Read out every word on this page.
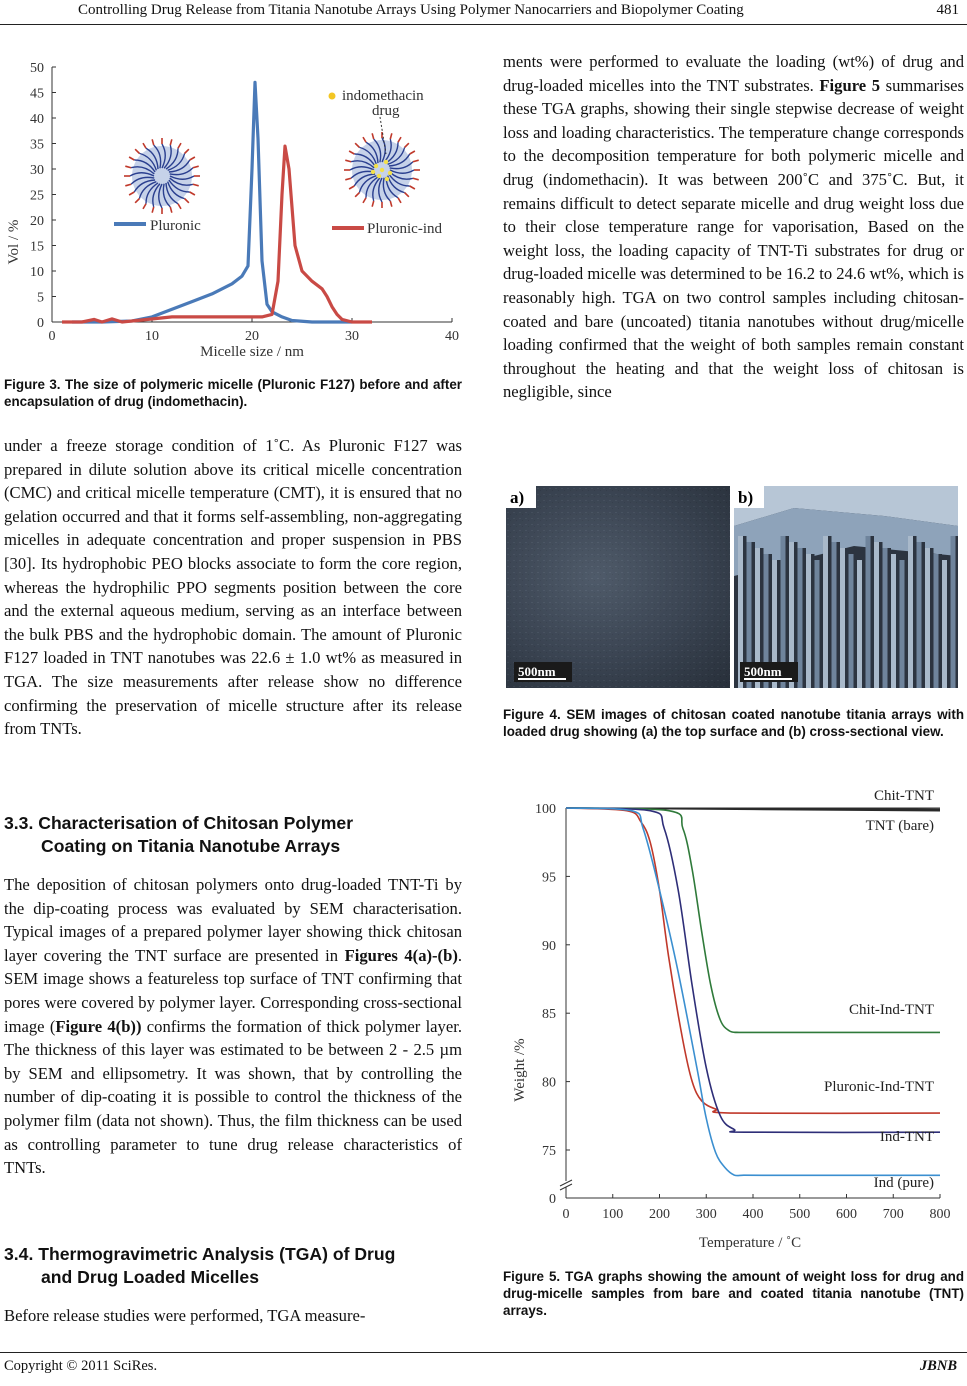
Controlling Drug Release from Titania Nanotube Arrays Using Polymer Nanocarriers and Biopolymer Coating	481
0
5
10
15
20
25
30
35
40
45
50
0	10	20	30	40
indomethacin
drug
Pluronic	Pluronic-ind
Micelle size / nm
Vol / %
Figure 3. The size of polymeric micelle (Pluronic F127) before and after encapsulation of drug (indomethacin).

under a freeze storage condition of 1˚C. As Pluronic F127 was prepared in dilute solution above its critical micelle concentration (CMC) and critical micelle temperature (CMT), it is ensured that no gelation occurred and that it forms self-assembling, non-aggregating micelles in adequate concentration and proper suspension in PBS [30]. Its hydrophobic PEO blocks associate to form the core region, whereas the hydrophilic PPO segments position between the core and the external aqueous medium, serving as an interface between the bulk PBS and the hydrophobic domain. The amount of Pluronic F127 loaded in TNT nanotubes was 22.6 ± 1.0 wt% as measured in TGA. The size measurements after release show no difference confirming the preservation of micelle structure after its release from TNTs.

3.3. Characterisation of Chitosan Polymer
Coating on Titania Nanotube Arrays

The deposition of chitosan polymers onto drug-loaded TNT-Ti by the dip-coating process was evaluated by SEM characterisation. Typical images of a prepared polymer layer showing thick chitosan layer covering the TNT surface are presented in Figures 4(a)-(b). SEM image shows a featureless top surface of TNT confirming that pores were covered by polymer layer. Corresponding cross-sectional image (Figure 4(b)) confirms the formation of thick polymer layer. The thickness of this layer was estimated to be between 2 - 2.5 µm by SEM and ellipsometry. It was shown, that by controlling the number of dip-coating it is possible to control the thickness of the polymer film (data not shown). Thus, the film thickness can be used as controlling parameter to tune drug release characteristics of TNTs.

3.4. Thermogravimetric Analysis (TGA) of Drug
and Drug Loaded Micelles

Before release studies were performed, TGA measure-

ments were performed to evaluate the loading (wt%) of drug and drug-loaded micelles into the TNT substrates. Figure 5 summarises these TGA graphs, showing their single stepwise decrease of weight loss and loading characteristics. The temperature change corresponds to the decomposition temperature for both polymeric micelle and drug (indomethacin). It was between 200˚C and 375˚C. But, it remains difficult to detect separate micelle and drug weight loss due to their close temperature range for vaporisation, Based on the weight loss, the loading capacity of TNT-Ti substrates for drug or drug-loaded micelle was determined to be 16.2 to 24.6 wt%, which is reasonably high. TGA on two control samples including chitosan-coated and bare (uncoated) titania nanotubes without drug/micelle loading confirmed that the weight of both samples remain constant throughout the heating and that the weight loss of chitosan is negligible, since

a)
500nm
b)
500nm
Figure 4. SEM images of chitosan coated nanotube titania arrays with loaded drug showing (a) the top surface and (b) cross-sectional view.
0
75
80
85
90
95
100
0 100 200 300 400 500 600 700 800
Chit-TNT
TNT (bare)
Chit-Ind-TNT
Pluronic-Ind-TNT
Ind-TNT
Ind (pure)
Temperature / ˚C
Weight /%
Figure 5. TGA graphs showing the amount of weight loss for drug and drug-micelle samples from bare and coated titania nanotube (TNT) arrays.
Copyright © 2011 SciRes.	JBNB
